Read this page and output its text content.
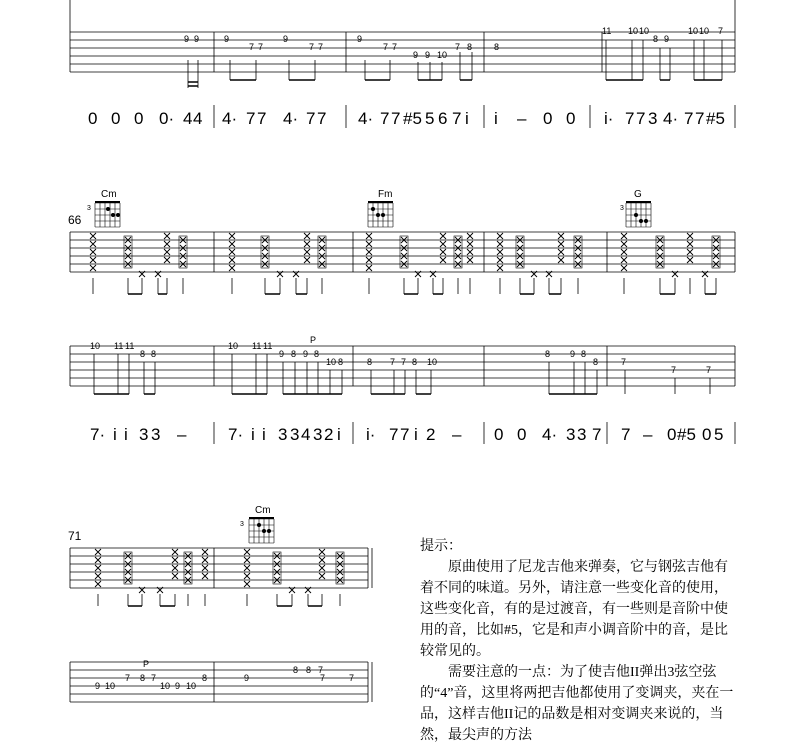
9 9	9
7 7
9
7 7
9
7 7
9 9 10
7 8 8
11 10 10
8 9
10 10 7
0 0 0 0· 4 4 4· 7 7 4· 7 7 4· 7 7 #5 5 6 7 i i – 0 0 i· 7 7 3 4· 7 7 #5
66
Cm	Fm	G
3	3
10 11 11
8 8
10 11 11
P
9 8 9 8
10 8	8 7 7 8 10
8 9 8
8	7
7	7
7· i i 3 3 – 7· i i 3 3 4 3 2 i i· 7 7 i 2 – 0 0 4· 3 3 7 7 – 0 #5 0 5
71
Cm
3
P
9 10
7 8 7
10 9 10
8	9
8 8 7
7	7

提示：

原曲使用了尼龙吉他来弹奏，它与钢弦吉他有着不同的味道。另外，请注意一些变化音的使用，这些变化音，有的是过渡音，有一些则是音阶中使用的音，比如#5，它是和声小调音阶中的音，是比较常见的。

需要注意的一点：为了使吉他II弹出3弦空弦的“4”音，这里将两把吉他都使用了变调夹，夹在一品，这样吉他II记的品数是相对变调夹来说的，当然，最尖声的方法
